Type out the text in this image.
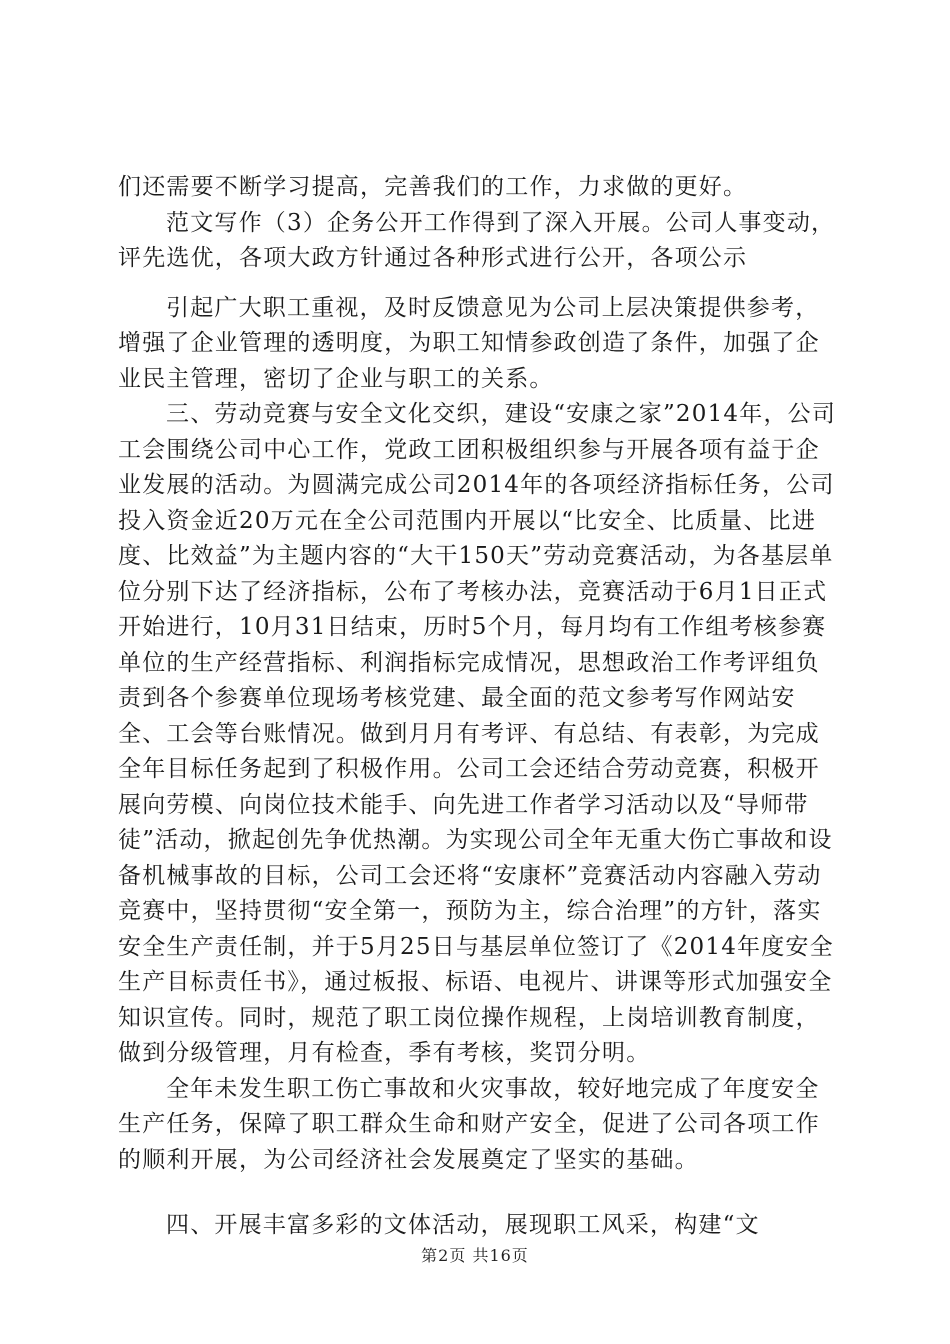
们还需要不断学习提高，完善我们的工作，力求做的更好。

范文写作（3）企务公开工作得到了深入开展。公司人事变动，评先选优，各项大政方针通过各种形式进行公开，各项公示

引起广大职工重视，及时反馈意见为公司上层决策提供参考，增强了企业管理的透明度，为职工知情参政创造了条件，加强了企业民主管理，密切了企业与职工的关系。

三、劳动竞赛与安全文化交织，建设“安康之家”2014年，公司工会围绕公司中心工作，党政工团积极组织参与开展各项有益于企业发展的活动。为圆满完成公司2014年的各项经济指标任务，公司投入资金近20万元在全公司范围内开展以“比安全、比质量、比进度、比效益”为主题内容的“大干150天”劳动竞赛活动，为各基层单位分别下达了经济指标，公布了考核办法，竞赛活动于6月1日正式开始进行，10月31日结束，历时5个月，每月均有工作组考核参赛单位的生产经营指标、利润指标完成情况，思想政治工作考评组负责到各个参赛单位现场考核党建、最全面的范文参考写作网站安全、工会等台账情况。做到月月有考评、有总结、有表彰，为完成全年目标任务起到了积极作用。公司工会还结合劳动竞赛，积极开展向劳模、向岗位技术能手、向先进工作者学习活动以及“导师带徒”活动，掀起创先争优热潮。为实现公司全年无重大伤亡事故和设备机械事故的目标，公司工会还将“安康杯”竞赛活动内容融入劳动竞赛中，坚持贯彻“安全第一，预防为主，综合治理”的方针，落实安全生产责任制，并于5月25日与基层单位签订了《2014年度安全生产目标责任书》，通过板报、标语、电视片、讲课等形式加强安全知识宣传。同时，规范了职工岗位操作规程，上岗培训教育制度，做到分级管理，月有检查，季有考核，奖罚分明。

全年未发生职工伤亡事故和火灾事故，较好地完成了年度安全生产任务，保障了职工群众生命和财产安全，促进了公司各项工作的顺利开展，为公司经济社会发展奠定了坚实的基础。

四、开展丰富多彩的文体活动，展现职工风采，构建“文

第2页 共16页
